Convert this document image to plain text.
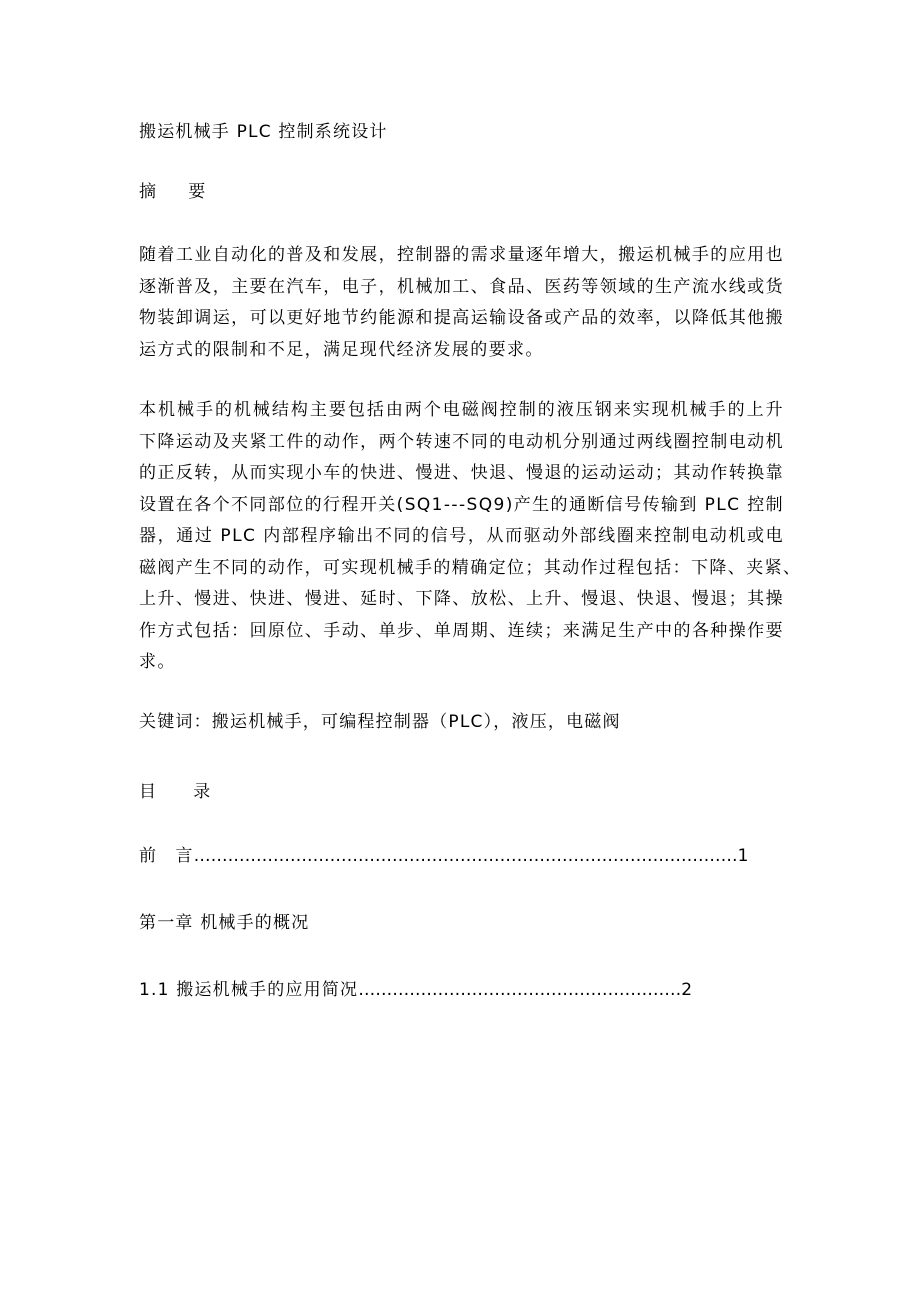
搬运机械手 PLC 控制系统设计
摘 要

随着工业自动化的普及和发展，控制器的需求量逐年增大，搬运机械手的应用也

逐渐普及，主要在汽车，电子，机械加工、食品、医药等领域的生产流水线或货

物装卸调运，可以更好地节约能源和提高运输设备或产品的效率，以降低其他搬

运方式的限制和不足，满足现代经济发展的要求。

本机械手的机械结构主要包括由两个电磁阀控制的液压钢来实现机械手的上升

下降运动及夹紧工件的动作，两个转速不同的电动机分别通过两线圈控制电动机

的正反转，从而实现小车的快进、慢进、快退、慢退的运动运动；其动作转换靠

设置在各个不同部位的行程开关(SQ1---SQ9)产生的通断信号传输到 PLC 控制

器，通过 PLC 内部程序输出不同的信号，从而驱动外部线圈来控制电动机或电

磁阀产生不同的动作，可实现机械手的精确定位；其动作过程包括：下降、夹紧、

上升、慢进、快进、慢进、延时、下降、放松、上升、慢退、快退、慢退；其操

作方式包括：回原位、手动、单步、单周期、连续；来满足生产中的各种操作要

求。

关键词：搬运机械手，可编程控制器（PLC），液压，电磁阀
目 录
前　言 …………………………………………………………………………………… 1
第一章 机械手的概况
1.1 搬运机械手的应用简况 ………………………………………………… 2
